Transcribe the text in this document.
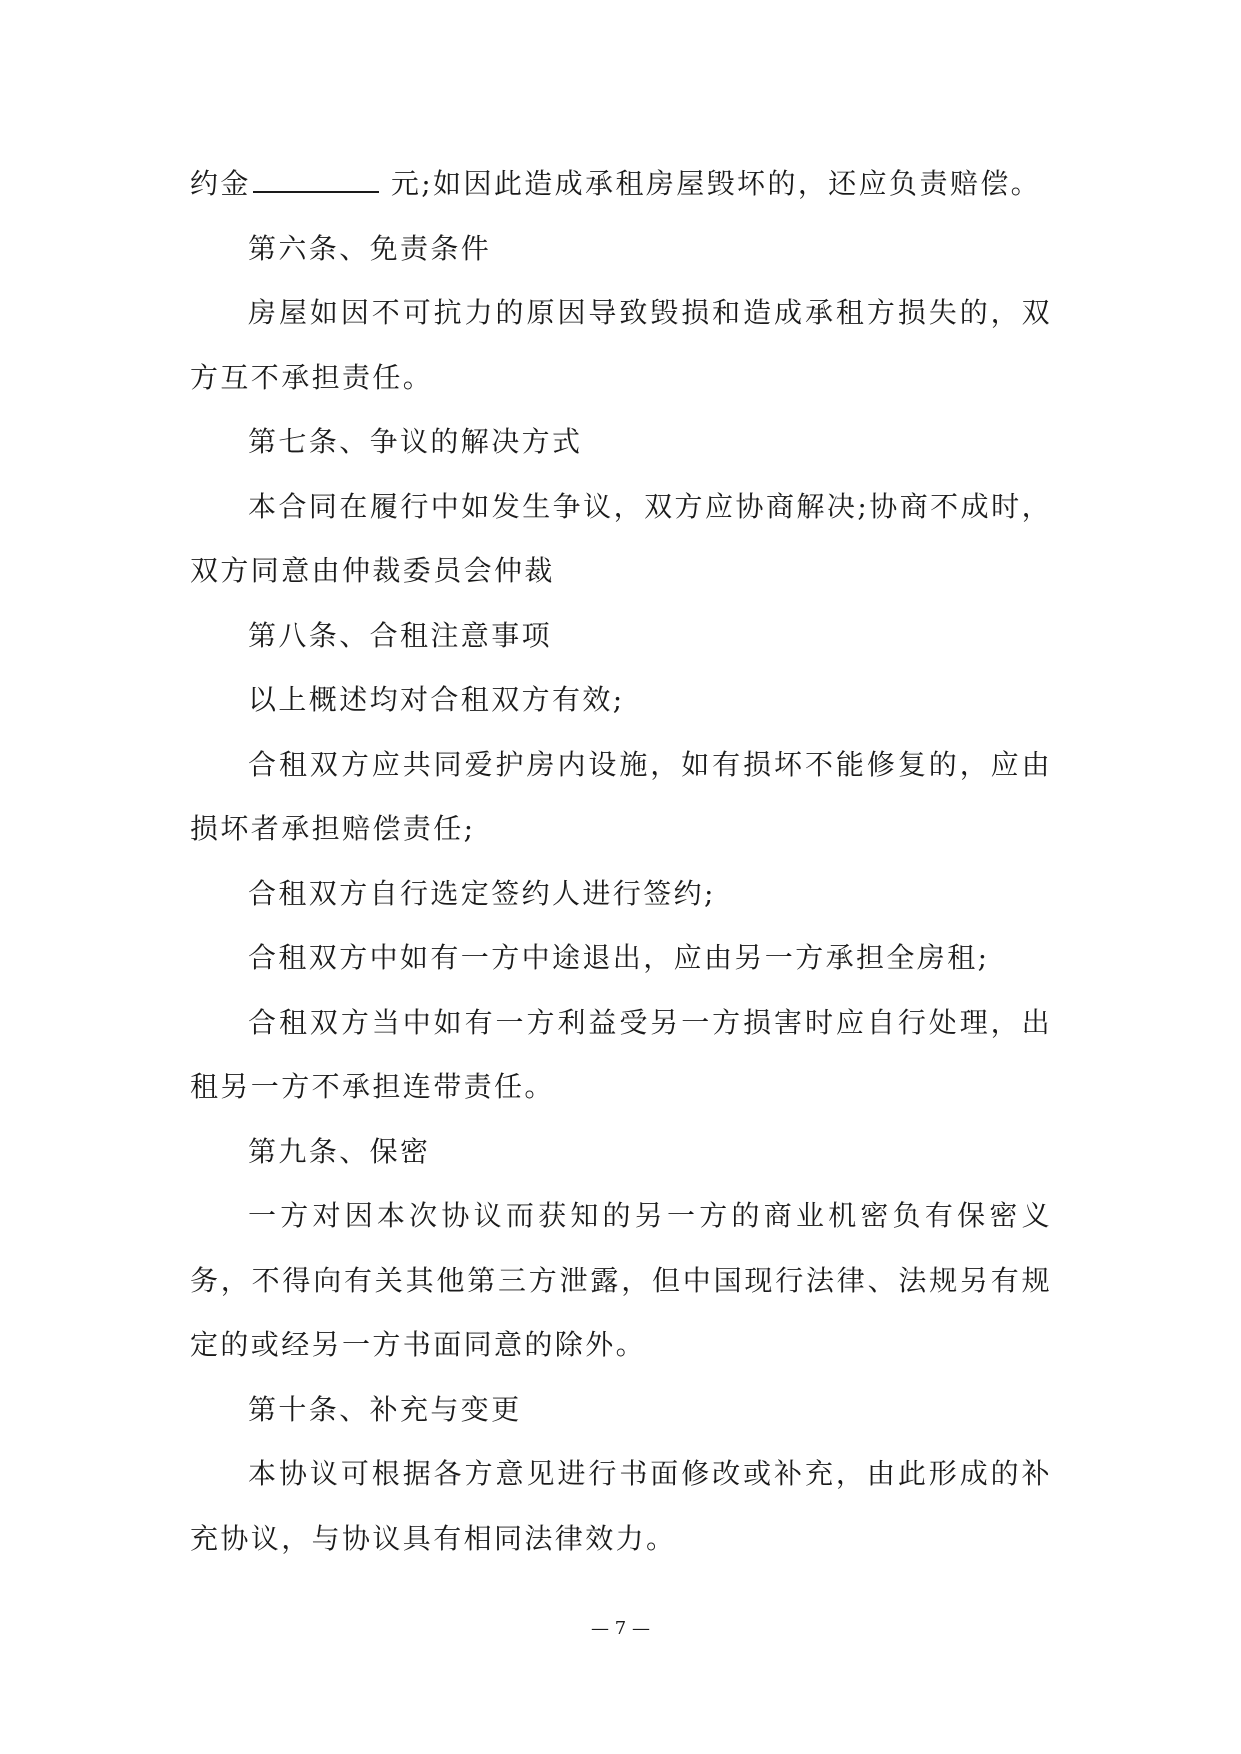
约金	元;如因此造成承租房屋毁坏的，还应负责赔偿。

第六条、免责条件

房屋如因不可抗力的原因导致毁损和造成承租方损失的，双方互不承担责任。

第七条、争议的解决方式

本合同在履行中如发生争议，双方应协商解决;协商不成时，双方同意由仲裁委员会仲裁

第八条、合租注意事项

以上概述均对合租双方有效;

合租双方应共同爱护房内设施，如有损坏不能修复的，应由损坏者承担赔偿责任;

合租双方自行选定签约人进行签约;

合租双方中如有一方中途退出，应由另一方承担全房租;

合租双方当中如有一方利益受另一方损害时应自行处理，出租另一方不承担连带责任。

第九条、保密

一方对因本次协议而获知的另一方的商业机密负有保密义务，不得向有关其他第三方泄露，但中国现行法律、法规另有规定的或经另一方书面同意的除外。

第十条、补充与变更

本协议可根据各方意见进行书面修改或补充，由此形成的补充协议，与协议具有相同法律效力。

— 7 —
